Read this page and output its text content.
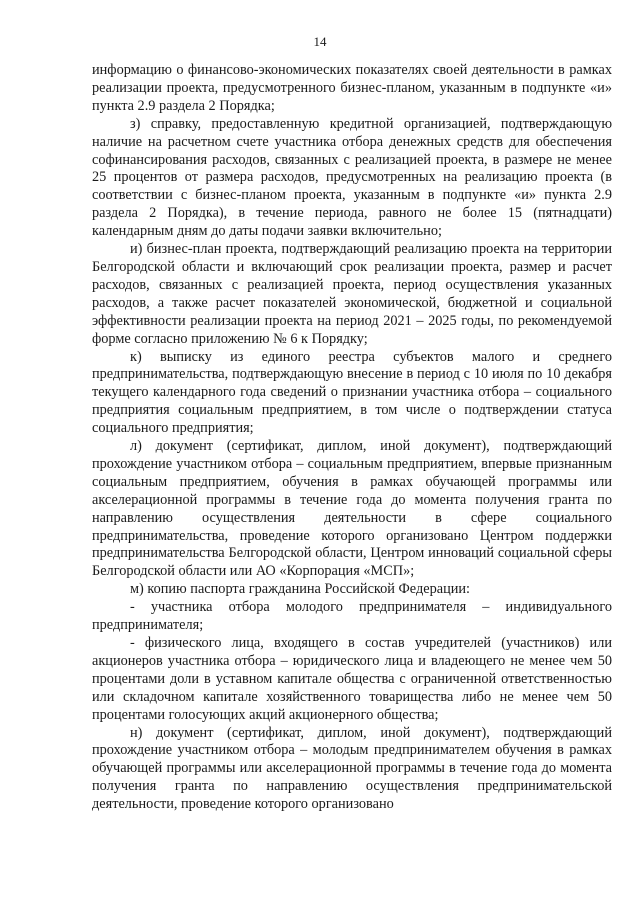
14

информацию о финансово-экономических показателях своей деятельности в рамках реализации проекта, предусмотренного бизнес-планом, указанным в подпункте «и» пункта 2.9 раздела 2 Порядка;

з) справку, предоставленную кредитной организацией, подтверждающую наличие на расчетном счете участника отбора денежных средств для обеспечения софинансирования расходов, связанных с реализацией проекта, в размере не менее 25 процентов от размера расходов, предусмотренных на реализацию проекта (в соответствии с бизнес-планом проекта, указанным в подпункте «и» пункта 2.9 раздела 2 Порядка), в течение периода, равного не более 15 (пятнадцати) календарным дням до даты подачи заявки включительно;

и) бизнес-план проекта, подтверждающий реализацию проекта на территории Белгородской области и включающий срок реализации проекта, размер и расчет расходов, связанных с реализацией проекта, период осуществления указанных расходов, а также расчет показателей экономической, бюджетной и социальной эффективности реализации проекта на период 2021 – 2025 годы, по рекомендуемой форме согласно приложению № 6 к Порядку;

к) выписку из единого реестра субъектов малого и среднего предпринимательства, подтверждающую внесение в период с 10 июля по 10 декабря текущего календарного года сведений о признании участника отбора – социального предприятия социальным предприятием, в том числе о подтверждении статуса социального предприятия;

л) документ (сертификат, диплом, иной документ), подтверждающий прохождение участником отбора – социальным предприятием, впервые признанным социальным предприятием, обучения в рамках обучающей программы или акселерационной программы в течение года до момента получения гранта по направлению осуществления деятельности в сфере социального предпринимательства, проведение которого организовано Центром поддержки предпринимательства Белгородской области, Центром инноваций социальной сферы Белгородской области или АО «Корпорация «МСП»;

м) копию паспорта гражданина Российской Федерации:

- участника отбора молодого предпринимателя – индивидуального предпринимателя;

- физического лица, входящего в состав учредителей (участников) или акционеров участника отбора – юридического лица и владеющего не менее чем 50 процентами доли в уставном капитале общества с ограниченной ответственностью или складочном капитале хозяйственного товарищества либо не менее чем 50 процентами голосующих акций акционерного общества;

н) документ (сертификат, диплом, иной документ), подтверждающий прохождение участником отбора – молодым предпринимателем обучения в рамках обучающей программы или акселерационной программы в течение года до момента получения гранта по направлению осуществления предпринимательской деятельности, проведение которого организовано
